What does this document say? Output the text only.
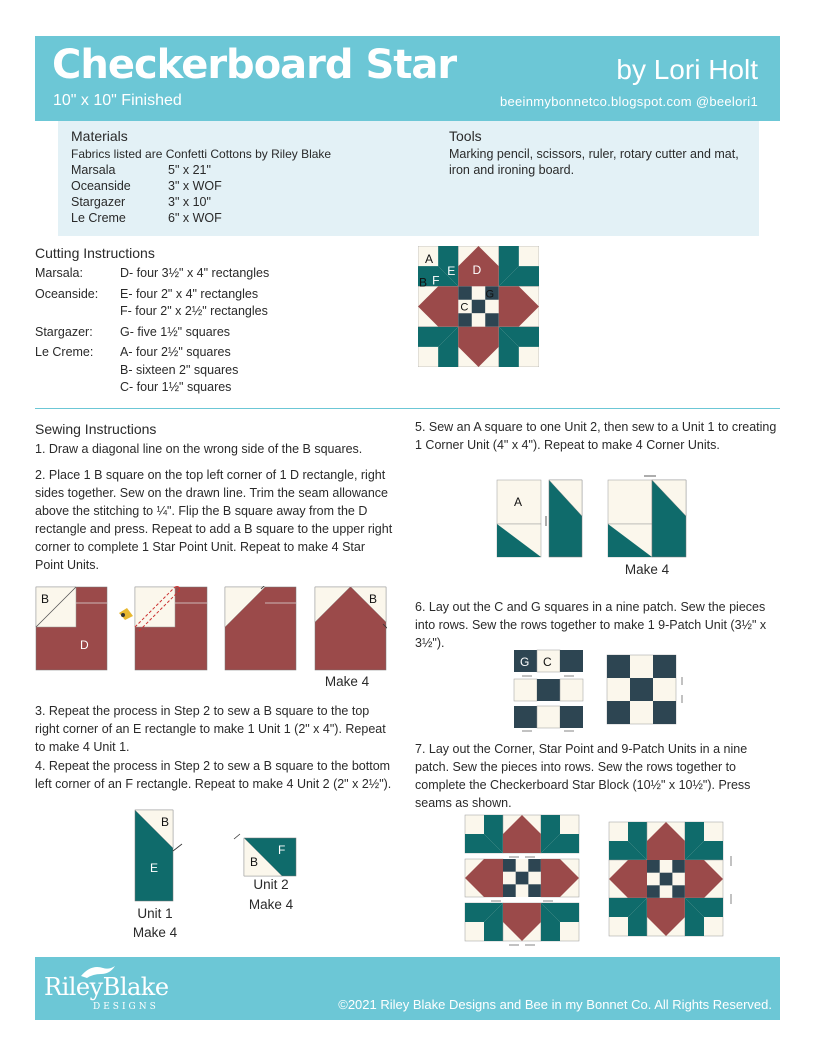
Checkerboard Star
10" x 10" Finished
by Lori Holt
beeinmybonnetco.blogspot.com @beelori1
Materials
Fabrics listed are Confetti Cottons by Riley Blake
Marsala	5" x 21"
Oceanside	3" x WOF
Stargazer	3" x 10"
Le Creme	6" x WOF
Tools
Marking pencil, scissors, ruler, rotary cutter and mat, iron and ironing board.
Cutting Instructions
Marsala:	D- four 3½" x 4" rectangles
Oceanside:	E- four 2" x 4" rectangles
F- four 2" x 2½" rectangles
Stargazer:	G- five 1½" squares
Le Creme:	A- four 2½" squares
B- sixteen 2" squares
C- four 1½" squares
A
E
F
B
D
G
C
Sewing Instructions

1. Draw a diagonal line on the wrong side of the B squares.

2. Place 1 B square on the top left corner of 1 D rectangle, right sides together. Sew on the drawn line. Trim the seam allowance above the stitching to ¼". Flip the B square away from the D rectangle and press. Repeat to add a B square to the upper right corner to complete 1 Star Point Unit. Repeat to make 4 Star Point Units.

B
D
B
Make 4
3. Repeat the process in Step 2 to sew a B square to the top right corner of an E rectangle to make 1 Unit 1 (2" x 4"). Repeat to make 4 Unit 1.
4. Repeat the process in Step 2 to sew a B square to the bottom left corner of an F rectangle. Repeat to make 4 Unit 2 (2" x 2½").
B
E	B
F
Unit 1
Make 4
Unit 2
Make 4
5. Sew an A square to one Unit 2, then sew to a Unit 1 to creating 1 Corner Unit (4" x 4"). Repeat to make 4 Corner Units.
A
Make 4
6. Lay out the C and G squares in a nine patch. Sew the pieces into rows. Sew the rows together to make 1 9-Patch Unit (3½" x 3½").
G C
7. Lay out the Corner, Star Point and 9-Patch Units in a nine patch. Sew the pieces into rows. Sew the rows together to complete the Checkerboard Star Block (10½" x 10½"). Press seams as shown.
RileyBlake
DESIGNS	©2021 Riley Blake Designs and Bee in my Bonnet Co. All Rights Reserved.
